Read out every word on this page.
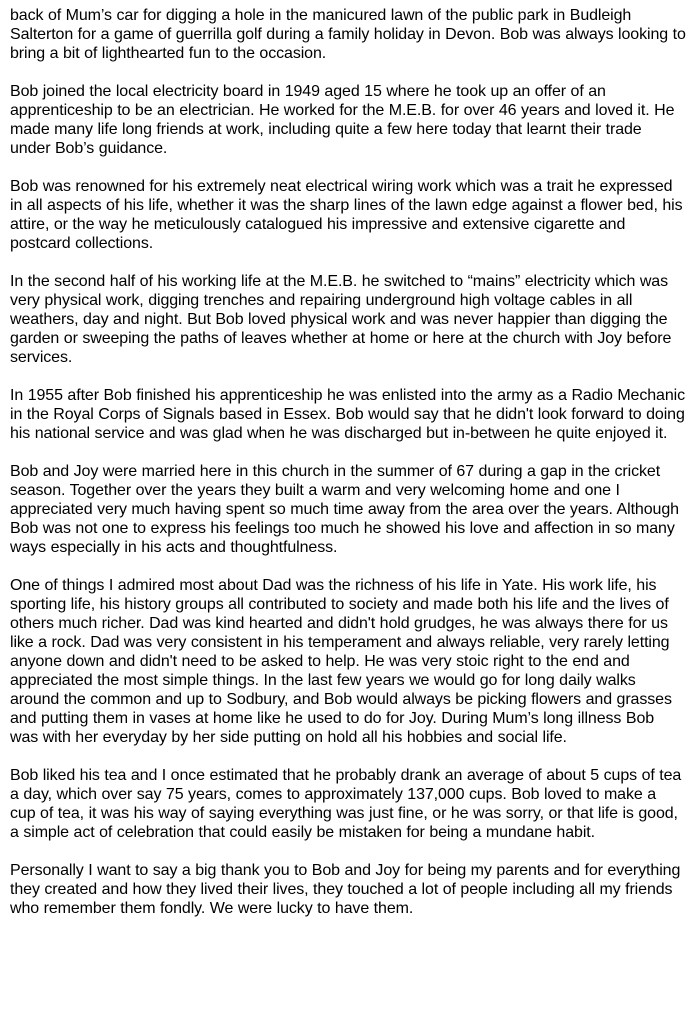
back of Mum’s car for digging a hole in the manicured lawn of the public park in Budleigh Salterton for a game of guerrilla golf during a family holiday in Devon. Bob was always looking to bring a bit of lighthearted fun to the occasion.

Bob joined the local electricity board in 1949 aged 15 where he took up an offer of an apprenticeship to be an electrician. He worked for the M.E.B. for over 46 years and loved it. He made many life long friends at work, including quite a few here today that learnt their trade under Bob’s guidance.

Bob was renowned for his extremely neat electrical wiring work which was a trait he expressed in all aspects of his life, whether it was the sharp lines of the lawn edge against a flower bed, his attire, or the way he meticulously catalogued his impressive and extensive cigarette and postcard collections.

In the second half of his working life at the M.E.B. he switched to “mains” electricity which was very physical work, digging trenches and repairing underground high voltage cables in all weathers, day and night. But Bob loved physical work and was never happier than digging the garden or sweeping the paths of leaves whether at home or here at the church with Joy before services.

In 1955 after Bob finished his apprenticeship he was enlisted into the army as a Radio Mechanic in the Royal Corps of Signals based in Essex. Bob would say that he didn't look forward to doing his national service and was glad when he was discharged but in-between he quite enjoyed it.

Bob and Joy were married here in this church in the summer of 67 during a gap in the cricket season. Together over the years they built a warm and very welcoming home and one I appreciated very much having spent so much time away from the area over the years. Although Bob was not one to express his feelings too much he showed his love and affection in so many ways especially in his acts and thoughtfulness.

One of things I admired most about Dad was the richness of his life in Yate. His work life, his sporting life, his history groups all contributed to society and made both his life and the lives of others much richer. Dad was kind hearted and didn't hold grudges, he was always there for us like a rock. Dad was very consistent in his temperament and always reliable, very rarely letting anyone down and didn't need to be asked to help. He was very stoic right to the end and appreciated the most simple things. In the last few years we would go for long daily walks around the common and up to Sodbury, and Bob would always be picking flowers and grasses and putting them in vases at home like he used to do for Joy. During Mum’s long illness Bob was with her everyday by her side putting on hold all his hobbies and social life.

Bob liked his tea and I once estimated that he probably drank an average of about 5 cups of tea a day, which over say 75 years, comes to approximately 137,000 cups. Bob loved to make a cup of tea, it was his way of saying everything was just fine, or he was sorry, or that life is good, a simple act of celebration that could easily be mistaken for being a mundane habit.

Personally I want to say a big thank you to Bob and Joy for being my parents and for everything they created and how they lived their lives, they touched a lot of people including all my friends who remember them fondly. We were lucky to have them.
